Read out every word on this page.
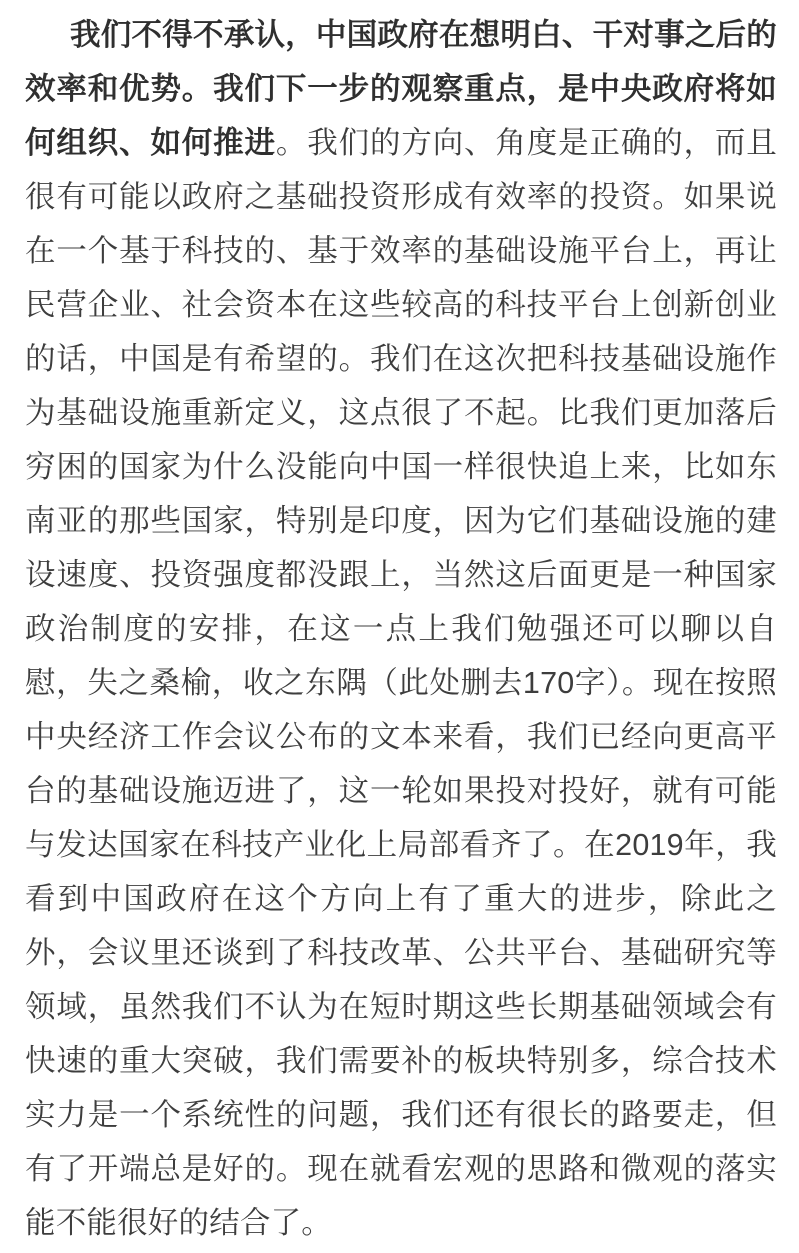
我们不得不承认，中国政府在想明白、干对事之后的效率和优势。我们下一步的观察重点，是中央政府将如何组织、如何推进。我们的方向、角度是正确的，而且很有可能以政府之基础投资形成有效率的投资。如果说在一个基于科技的、基于效率的基础设施平台上，再让民营企业、社会资本在这些较高的科技平台上创新创业的话，中国是有希望的。我们在这次把科技基础设施作为基础设施重新定义，这点很了不起。比我们更加落后穷困的国家为什么没能向中国一样很快追上来，比如东南亚的那些国家，特别是印度，因为它们基础设施的建设速度、投资强度都没跟上，当然这后面更是一种国家政治制度的安排，在这一点上我们勉强还可以聊以自慰，失之桑榆，收之东隅（此处删去170字）。现在按照中央经济工作会议公布的文本来看，我们已经向更高平台的基础设施迈进了，这一轮如果投对投好，就有可能与发达国家在科技产业化上局部看齐了。在2019年，我看到中国政府在这个方向上有了重大的进步，除此之外，会议里还谈到了科技改革、公共平台、基础研究等领域，虽然我们不认为在短时期这些长期基础领域会有快速的重大突破，我们需要补的板块特别多，综合技术实力是一个系统性的问题，我们还有很长的路要走，但有了开端总是好的。现在就看宏观的思路和微观的落实能不能很好的结合了。
